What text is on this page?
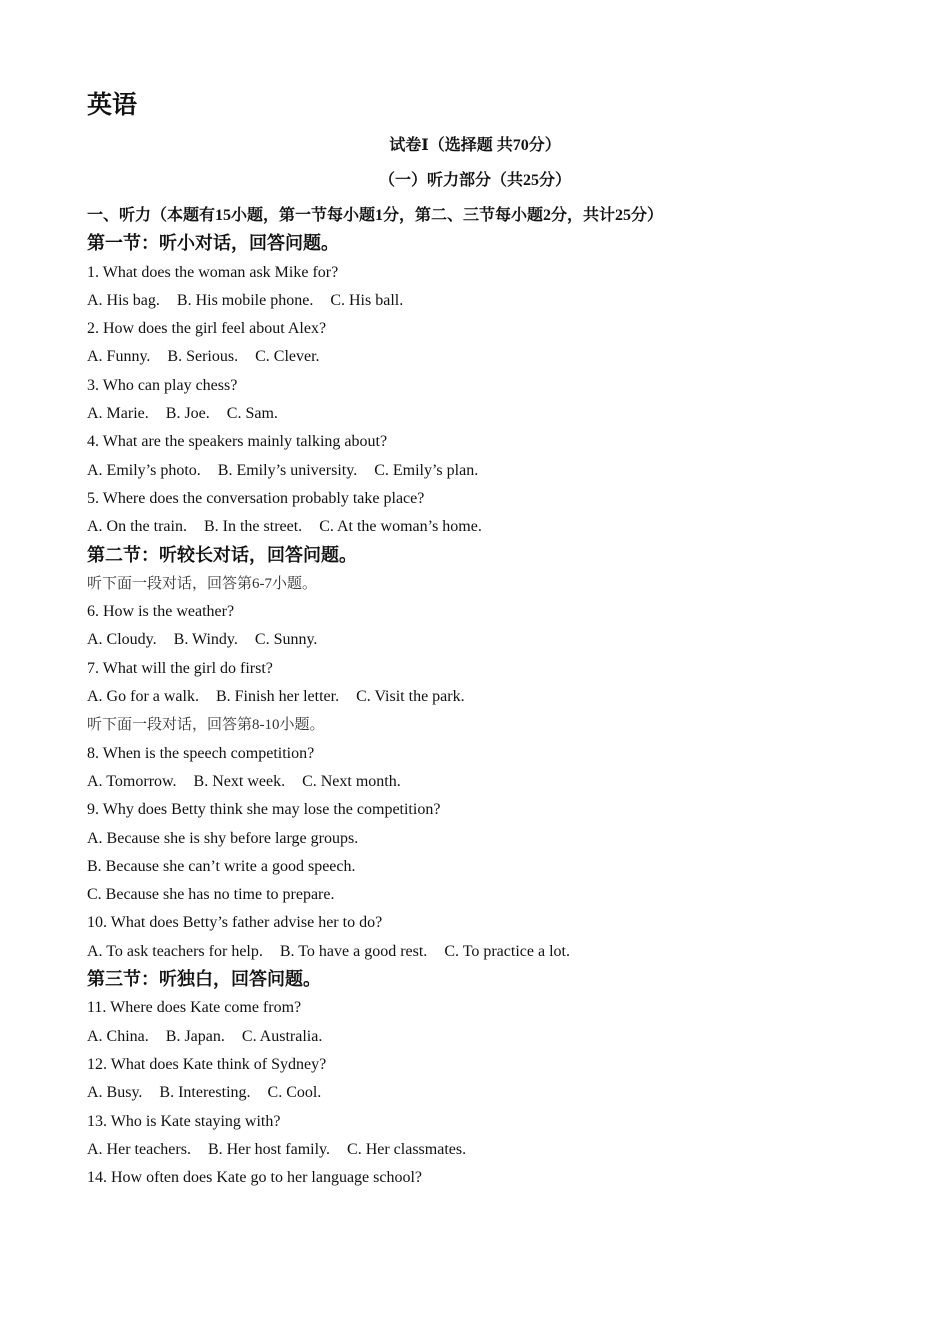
英语
试卷Ⅰ（选择题 共70分）
（一）听力部分（共25分）
一、听力（本题有15小题，第一节每小题1分，第二、三节每小题2分，共计25分）
第一节：听小对话，回答问题。
1. What does the woman ask Mike for?
A. His bag. B. His mobile phone. C. His ball.
2. How does the girl feel about Alex?
A. Funny. B. Serious. C. Clever.
3. Who can play chess?
A. Marie. B. Joe. C. Sam.
4. What are the speakers mainly talking about?
A. Emily’s photo. B. Emily’s university. C. Emily’s plan.
5. Where does the conversation probably take place?
A. On the train. B. In the street. C. At the woman’s home.
第二节：听较长对话，回答问题。
听下面一段对话，回答第6-7小题。
6. How is the weather?
A. Cloudy. B. Windy. C. Sunny.
7. What will the girl do first?
A. Go for a walk. B. Finish her letter. C. Visit the park.
听下面一段对话，回答第8-10小题。
8. When is the speech competition?
A. Tomorrow. B. Next week. C. Next month.
9. Why does Betty think she may lose the competition?
A. Because she is shy before large groups.
B. Because she can’t write a good speech.
C. Because she has no time to prepare.
10. What does Betty’s father advise her to do?
A. To ask teachers for help. B. To have a good rest. C. To practice a lot.
第三节：听独白，回答问题。
11. Where does Kate come from?
A. China. B. Japan. C. Australia.
12. What does Kate think of Sydney?
A. Busy. B. Interesting. C. Cool.
13. Who is Kate staying with?
A. Her teachers. B. Her host family. C. Her classmates.
14. How often does Kate go to her language school?
